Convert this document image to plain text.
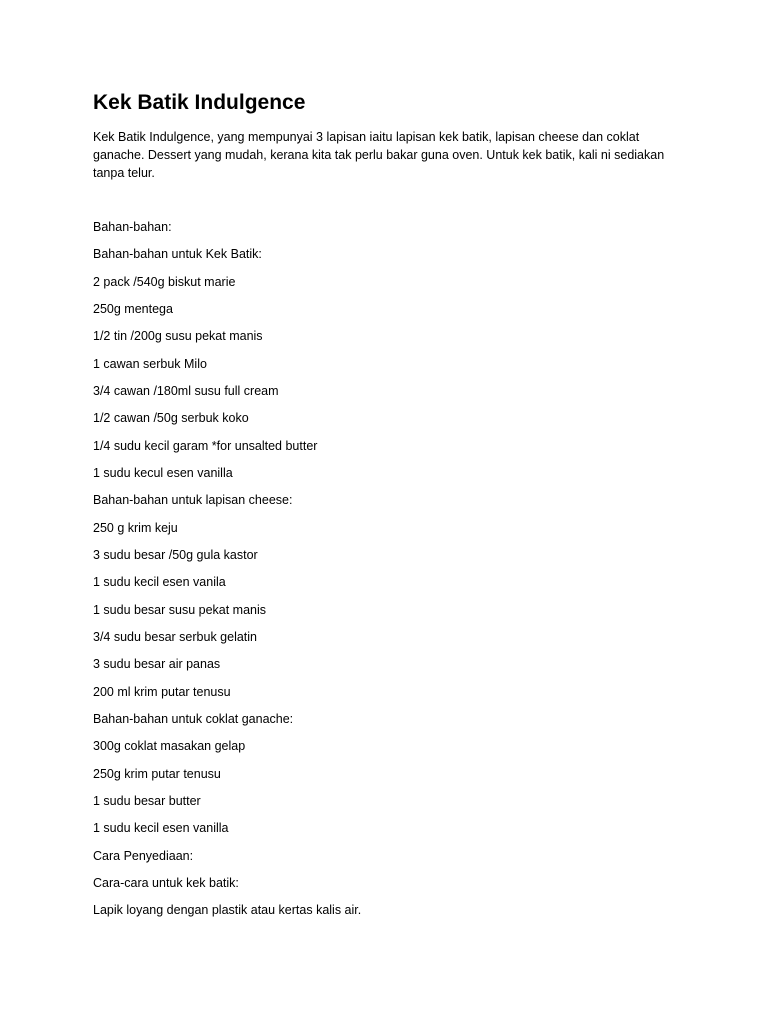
Kek Batik Indulgence

Kek Batik Indulgence, yang mempunyai 3 lapisan iaitu lapisan kek batik, lapisan cheese dan coklat ganache. Dessert yang mudah, kerana kita tak perlu bakar guna oven. Untuk kek batik, kali ni sediakan tanpa telur.

Bahan-bahan:
Bahan-bahan untuk Kek Batik:
2 pack /540g biskut marie
250g mentega
1/2 tin /200g susu pekat manis
1 cawan serbuk Milo
3/4 cawan /180ml susu full cream
1/2 cawan /50g serbuk koko
1/4 sudu kecil garam *for unsalted butter
1 sudu kecul esen vanilla
Bahan-bahan untuk lapisan cheese:
250 g krim keju
3 sudu besar /50g gula kastor
1 sudu kecil esen vanila
1 sudu besar susu pekat manis
3/4 sudu besar serbuk gelatin
3 sudu besar air panas
200 ml krim putar tenusu
Bahan-bahan untuk coklat ganache:
300g coklat masakan gelap
250g krim putar tenusu
1 sudu besar butter
1 sudu kecil esen vanilla
Cara Penyediaan:
Cara-cara untuk kek batik:
Lapik loyang dengan plastik atau kertas kalis air.
